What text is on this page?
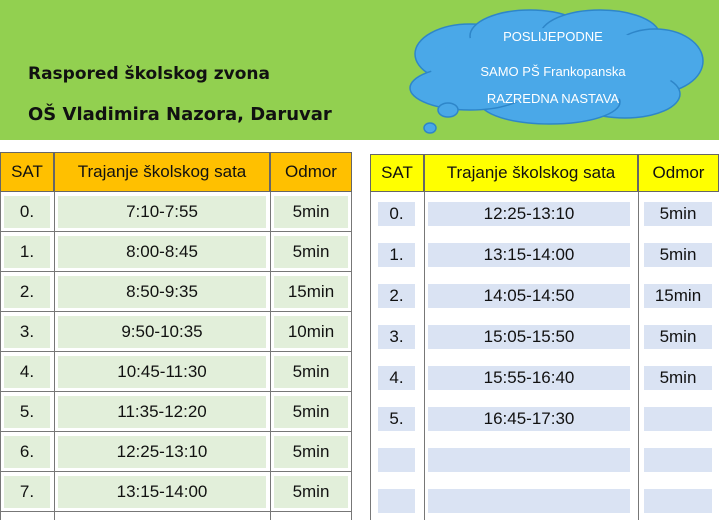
Raspored školskog zvona
OŠ Vladimira Nazora, Daruvar
POSLIJEPODNE
SAMO PŠ Frankopanska
RAZREDNA NASTAVA
SAT	Trajanje školskog sata	Odmor
0.	7:10-7:55	5min
1.	8:00-8:45	5min
2.	8:50-9:35	15min
3.	9:50-10:35	10min
4.	10:45-11:30	5min
5.	11:35-12:20	5min
6.	12:25-13:10	5min
7.	13:15-14:00	5min
SAT	Trajanje školskog sata	Odmor
0.	12:25-13:10	5min
1.	13:15-14:00	5min
2.	14:05-14:50	15min
3.	15:05-15:50	5min
4.	15:55-16:40	5min
5.	16:45-17:30
